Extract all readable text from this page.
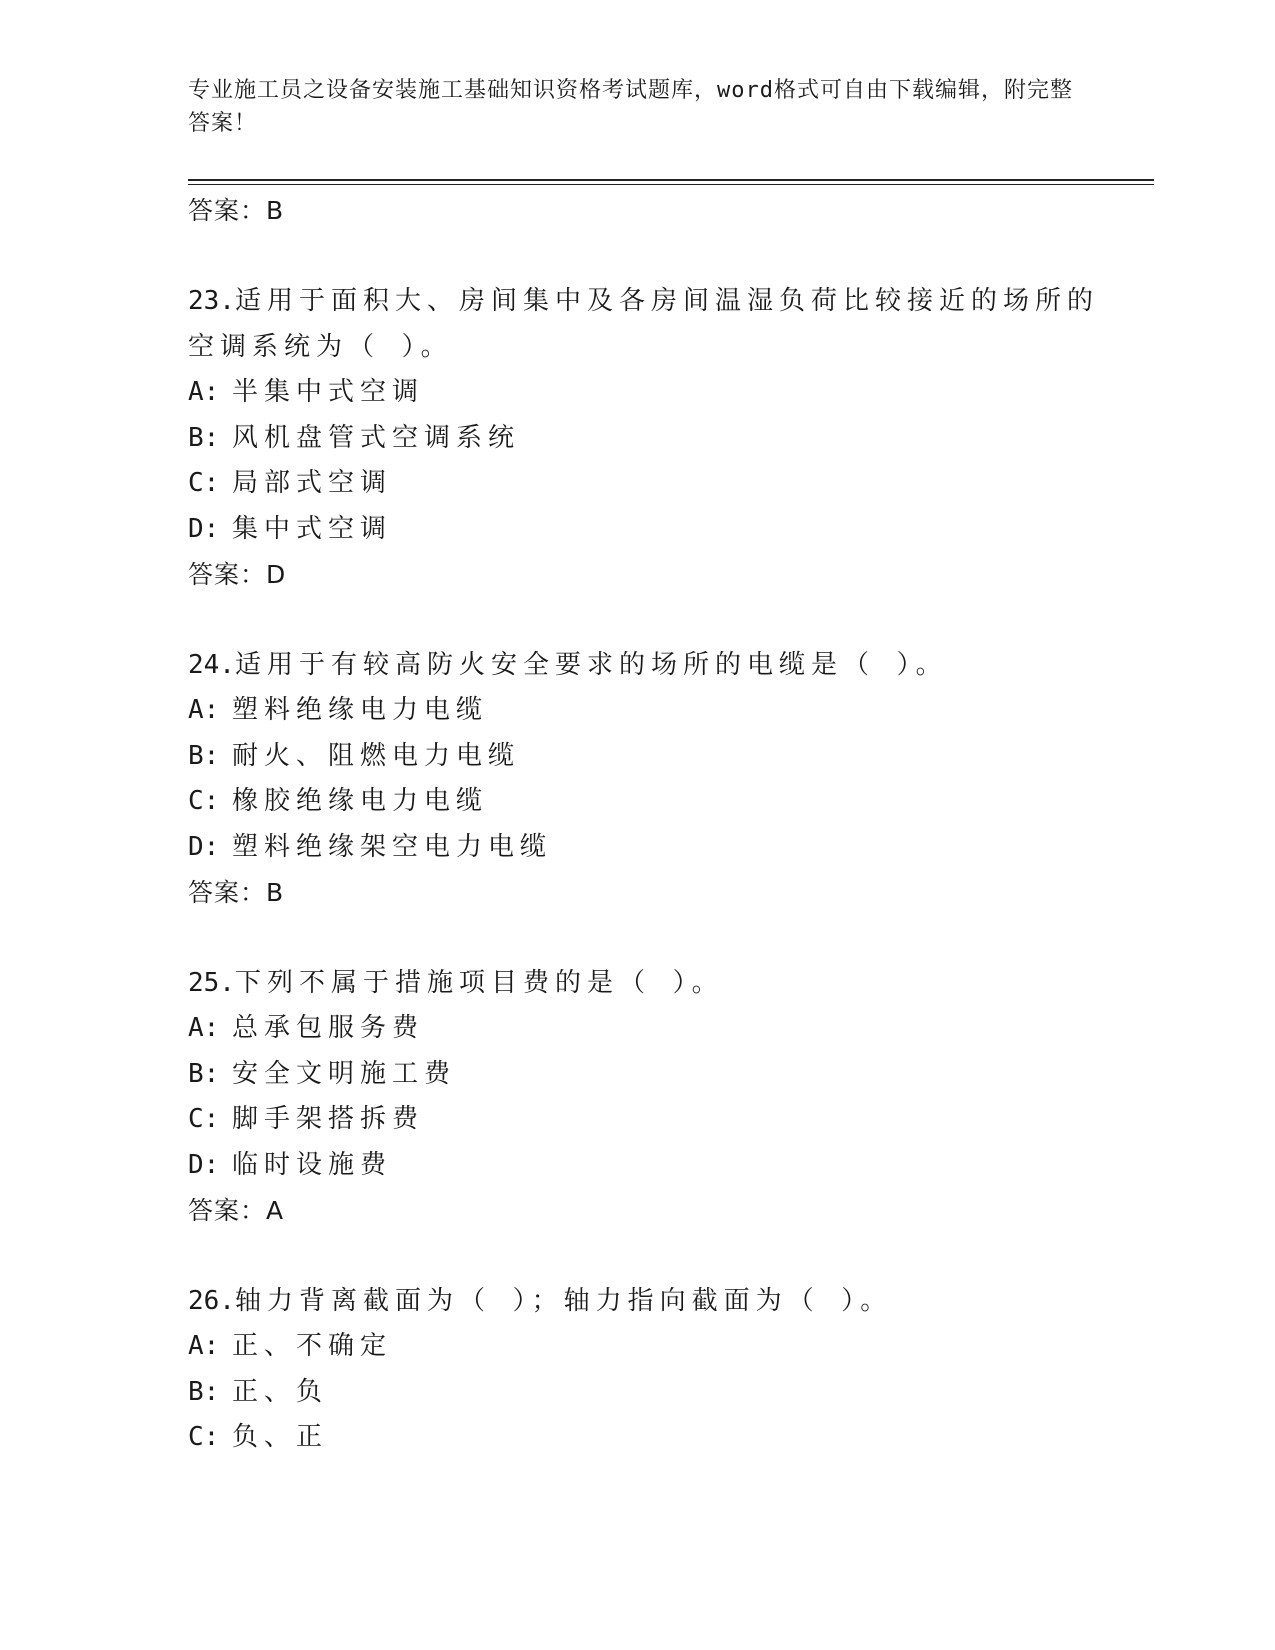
专业施工员之设备安装施工基础知识资格考试题库，word格式可自由下载编辑，附完整答案！
答案：B
23.适用于面积大、房间集中及各房间温湿负荷比较接近的场所的空调系统为（ ）。
A: 半集中式空调
B: 风机盘管式空调系统
C: 局部式空调
D: 集中式空调
答案：D
24.适用于有较高防火安全要求的场所的电缆是（ ）。
A: 塑料绝缘电力电缆
B: 耐火、阻燃电力电缆
C: 橡胶绝缘电力电缆
D: 塑料绝缘架空电力电缆
答案：B
25.下列不属于措施项目费的是（ ）。
A: 总承包服务费
B: 安全文明施工费
C: 脚手架搭拆费
D: 临时设施费
答案：A
26.轴力背离截面为（ ）；轴力指向截面为（ ）。
A: 正、不确定
B: 正、负
C: 负、正
